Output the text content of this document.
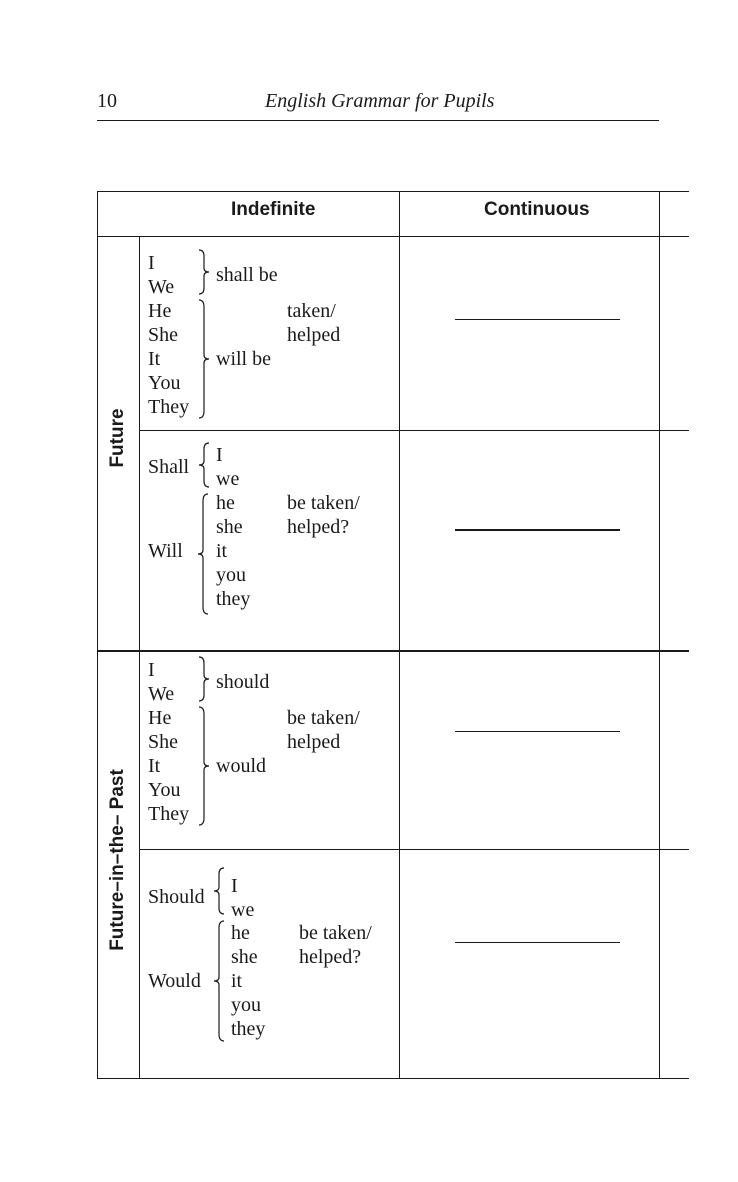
10	English Grammar for Pupils
Indefinite	Continuous
Future
Future–in–the– Past
I
We
He
She
It
You
They
shall be
will be
taken/
helped
Shall
I
we
Will
he
she
it
you
they
be taken/
helped?
I
We
He
She
It
You
They
should
would
be taken/
helped
Should I
we
Would
he
she
it
you
they
be taken/
helped?
